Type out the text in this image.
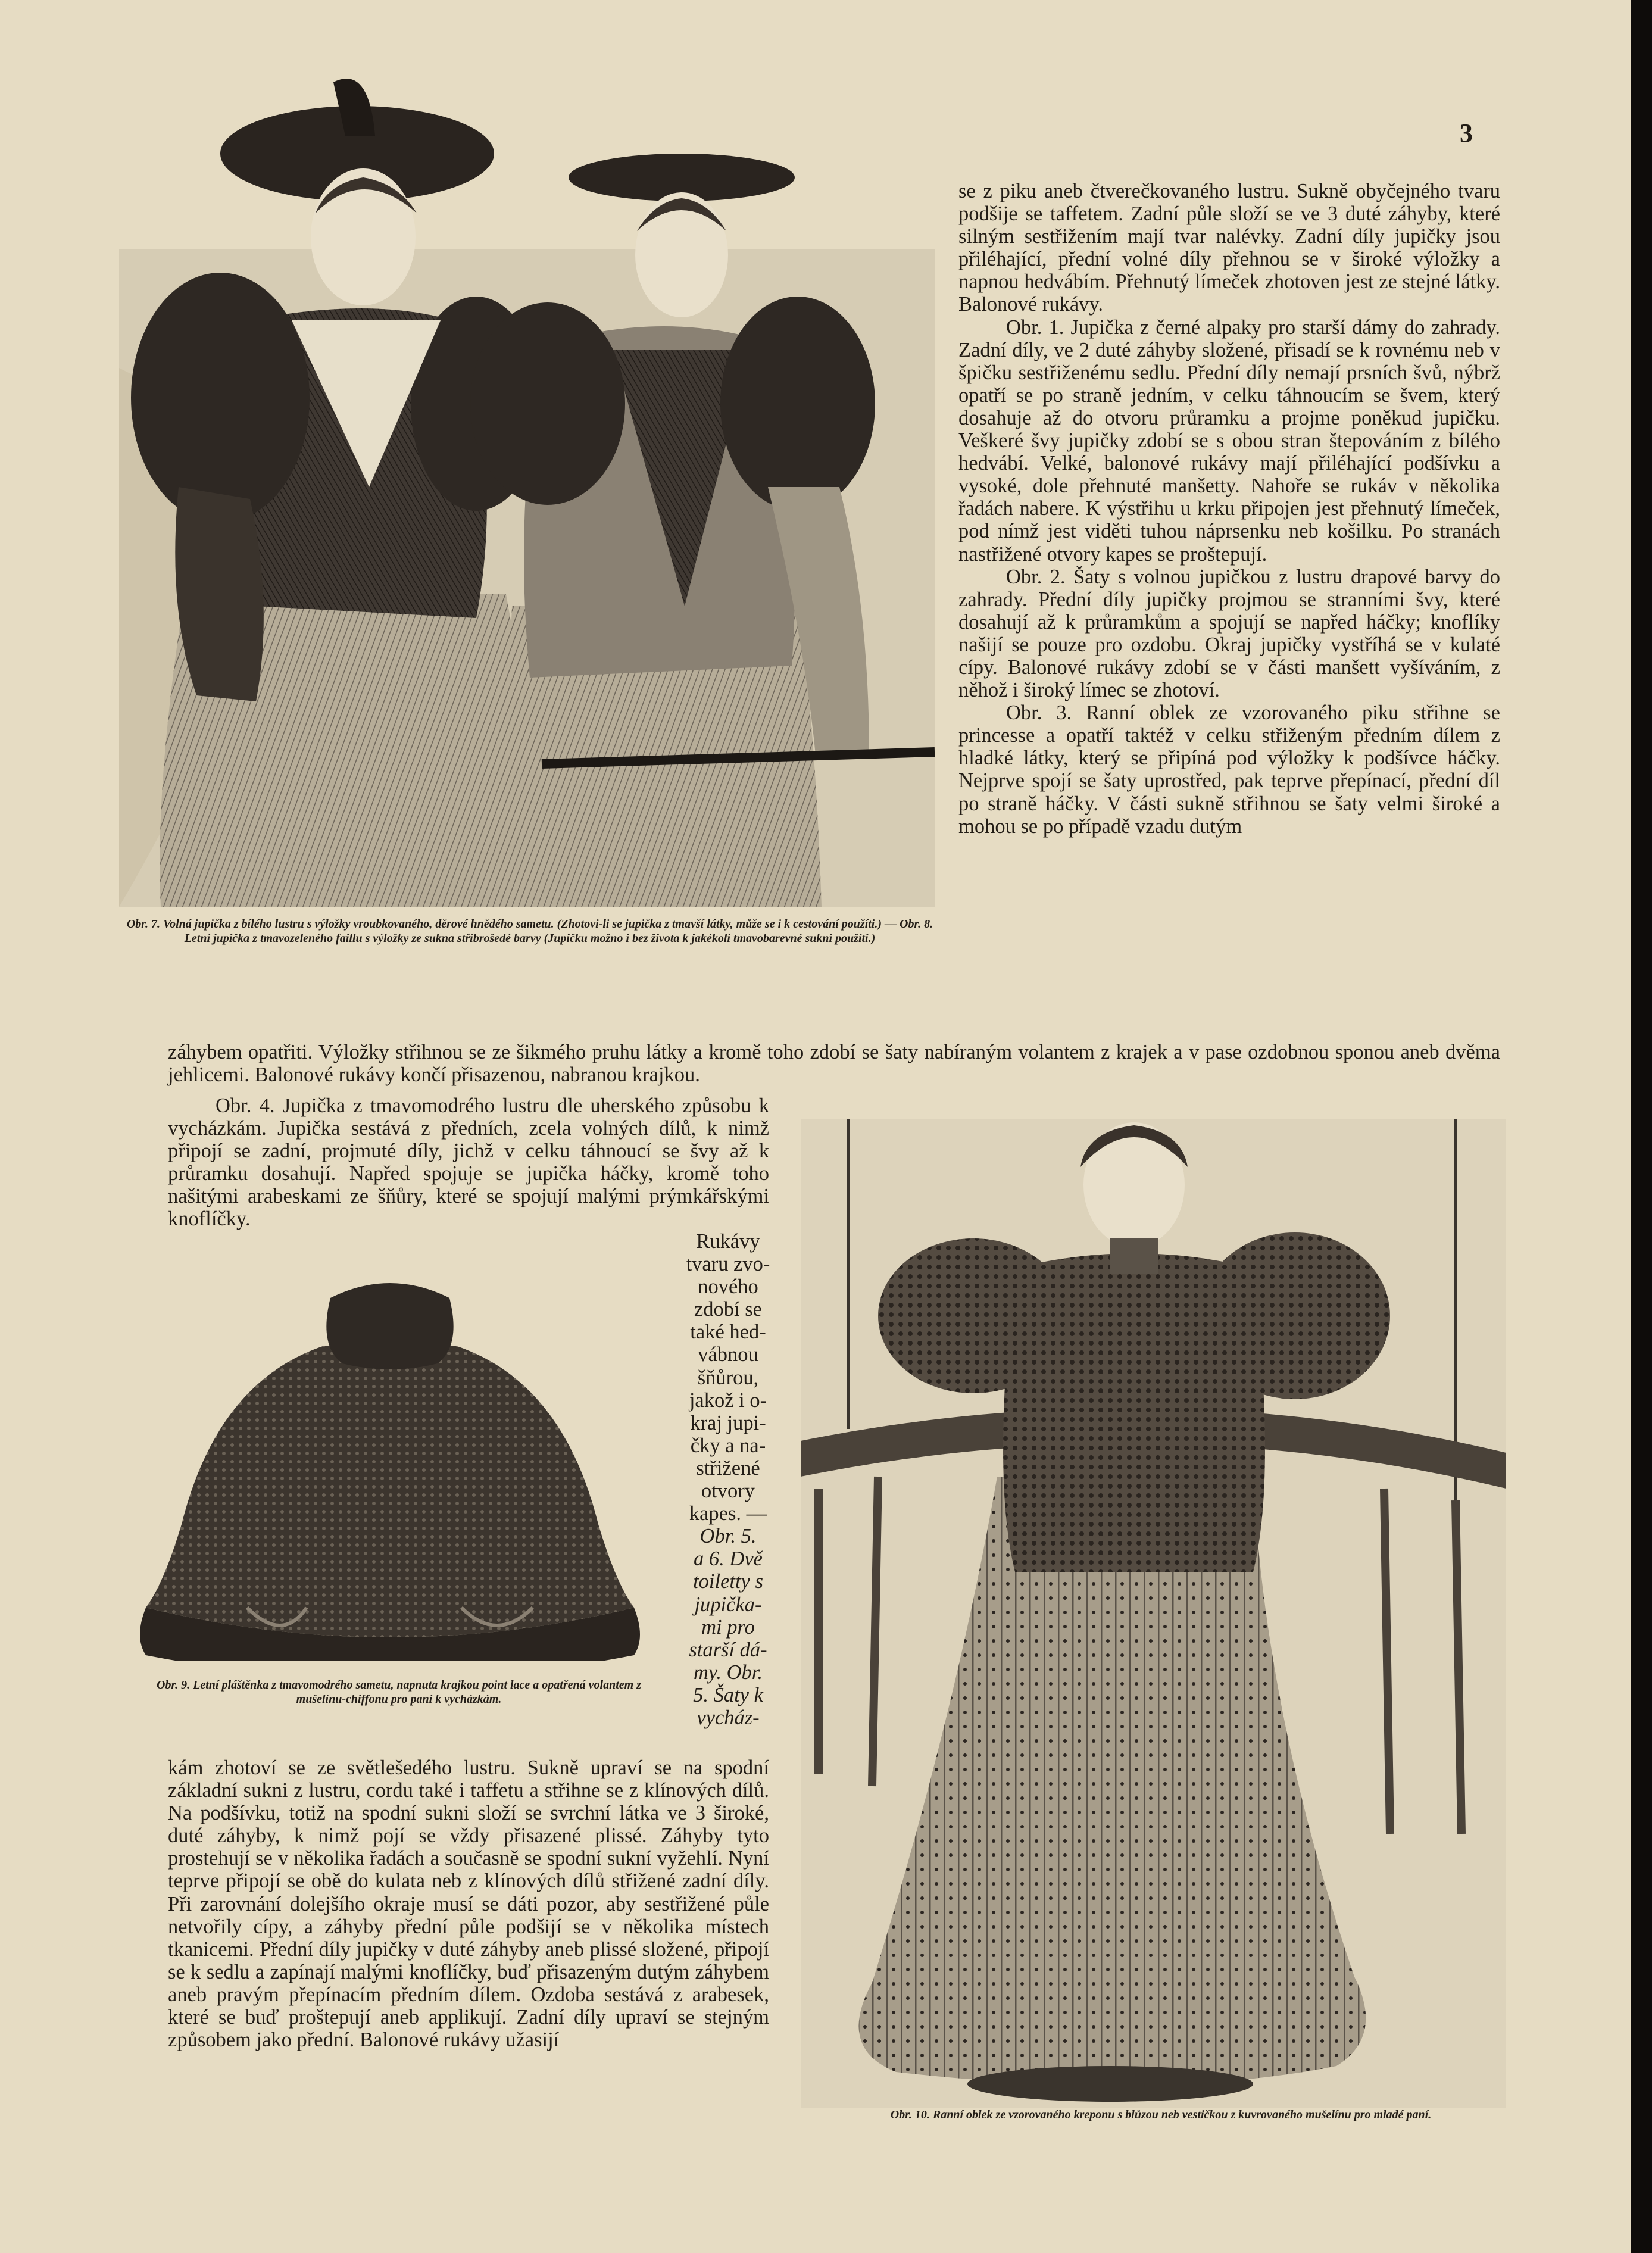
3
Obr. 7. Volná jupička z bílého lustru s výložky vroubkovaného, děrové hnědého sametu. (Zhotovi-li se jupička z tmavší látky, může se i k cestování použíti.) — Obr. 8. Letní jupička z tmavozeleného faillu s výložky ze sukna stříbrošedé barvy (Jupičku možno i bez života k jakékoli tmavobarevné sukni použíti.)

se z piku aneb čtverečkovaného lustru. Sukně obyčejného tvaru podšije se taffetem. Zadní půle složí se ve 3 duté záhyby, které silným sestřižením mají tvar nalévky. Zadní díly jupičky jsou přiléhající, přední volné díly přehnou se v široké výložky a napnou hedvábím. Přehnutý límeček zhotoven jest ze stejné látky. Balonové rukávy.

Obr. 1. Jupička z černé alpaky pro starší dámy do zahrady. Zadní díly, ve 2 duté záhyby složené, přisadí se k rovnému neb v špičku sestřiženému sedlu. Přední díly nemají prsních švů, nýbrž opatří se po straně jedním, v celku táhnoucím se švem, který dosahuje až do otvoru průramku a projme poněkud jupičku. Veškeré švy jupičky zdobí se s obou stran štepováním z bílého hedvábí. Velké, balonové rukávy mají přiléhající podšívku a vysoké, dole přehnuté manšetty. Nahoře se rukáv v několika řadách nabere. K výstřihu u krku připojen jest přehnutý límeček, pod nímž jest viděti tuhou náprsenku neb košilku. Po stranách nastřižené otvory kapes se proštepují.

Obr. 2. Šaty s volnou jupičkou z lustru drapové barvy do zahrady. Přední díly jupičky projmou se stranními švy, které dosahují až k průramkům a spojují se napřed háčky; knoflíky našijí se pouze pro ozdobu. Okraj jupičky vystříhá se v kulaté cípy. Balonové rukávy zdobí se v části manšett vyšíváním, z něhož i široký límec se zhotoví.

Obr. 3. Ranní oblek ze vzorovaného piku střihne se princesse a opatří taktéž v celku střiženým předním dílem z hladké látky, který se připíná pod výložky k podšívce háčky. Nejprve spojí se šaty uprostřed, pak teprve přepínací, přední díl po straně háčky. V části sukně střihnou se šaty velmi široké a mohou se po případě vzadu dutým

záhybem opatřiti. Výložky střihnou se ze šikmého pruhu látky a kromě toho zdobí se šaty nabíraným volantem z krajek a v pase ozdobnou sponou aneb dvěma jehlicemi. Balonové rukávy končí přisazenou, nabranou krajkou.

Obr. 4. Jupička z tmavomodrého lustru dle uherského způsobu k vycházkám. Jupička sestává z předních, zcela volných dílů, k nimž připojí se zadní, projmuté díly, jichž v celku táhnoucí se švy až k průramku dosahují. Napřed spojuje se jupička háčky, kromě toho našitými arabeskami ze šňůry, které se spojují malými prýmkářskými knoflíčky.

Rukávy
tvaru zvo-
nového
zdobí se
také hed-
vábnou
šňůrou,
jakož i o-
kraj jupi-
čky a na-
střižené
otvory
kapes. —
Obr. 5.
a 6. Dvě
toiletty s
jupička-
mi pro
starší dá-
my. Obr.
5. Šaty k
vycház-
Obr. 9. Letní pláštěnka z tmavomodrého sametu, napnuta krajkou point lace a opatřená volantem z mušelínu-chiffonu pro paní k vycházkám.

kám zhotoví se ze světlešedého lustru. Sukně upraví se na spodní základní sukni z lustru, cordu také i taffetu a střihne se z klínových dílů. Na podšívku, totiž na spodní sukni složí se svrchní látka ve 3 široké, duté záhyby, k nimž pojí se vždy přisazené plissé. Záhyby tyto prostehují se v několika řadách a současně se spodní sukní vyžehlí. Nyní teprve připojí se obě do kulata neb z klínových dílů střižené zadní díly. Při zarovnání dolejšího okraje musí se dáti pozor, aby sestřižené půle netvořily cípy, a záhyby přední půle podšijí se v několika místech tkanicemi. Přední díly jupičky v duté záhyby aneb plissé složené, připojí se k sedlu a zapínají malými knoflíčky, buď přisazeným dutým záhybem aneb pravým přepínacím předním dílem. Ozdoba sestává z arabesek, které se buď proštepují aneb applikují. Zadní díly upraví se stejným způsobem jako přední. Balonové rukávy užasijí

Obr. 10. Ranní oblek ze vzorovaného kreponu s blůzou neb vestičkou z kuvrovaného mušelínu pro mladé paní.
